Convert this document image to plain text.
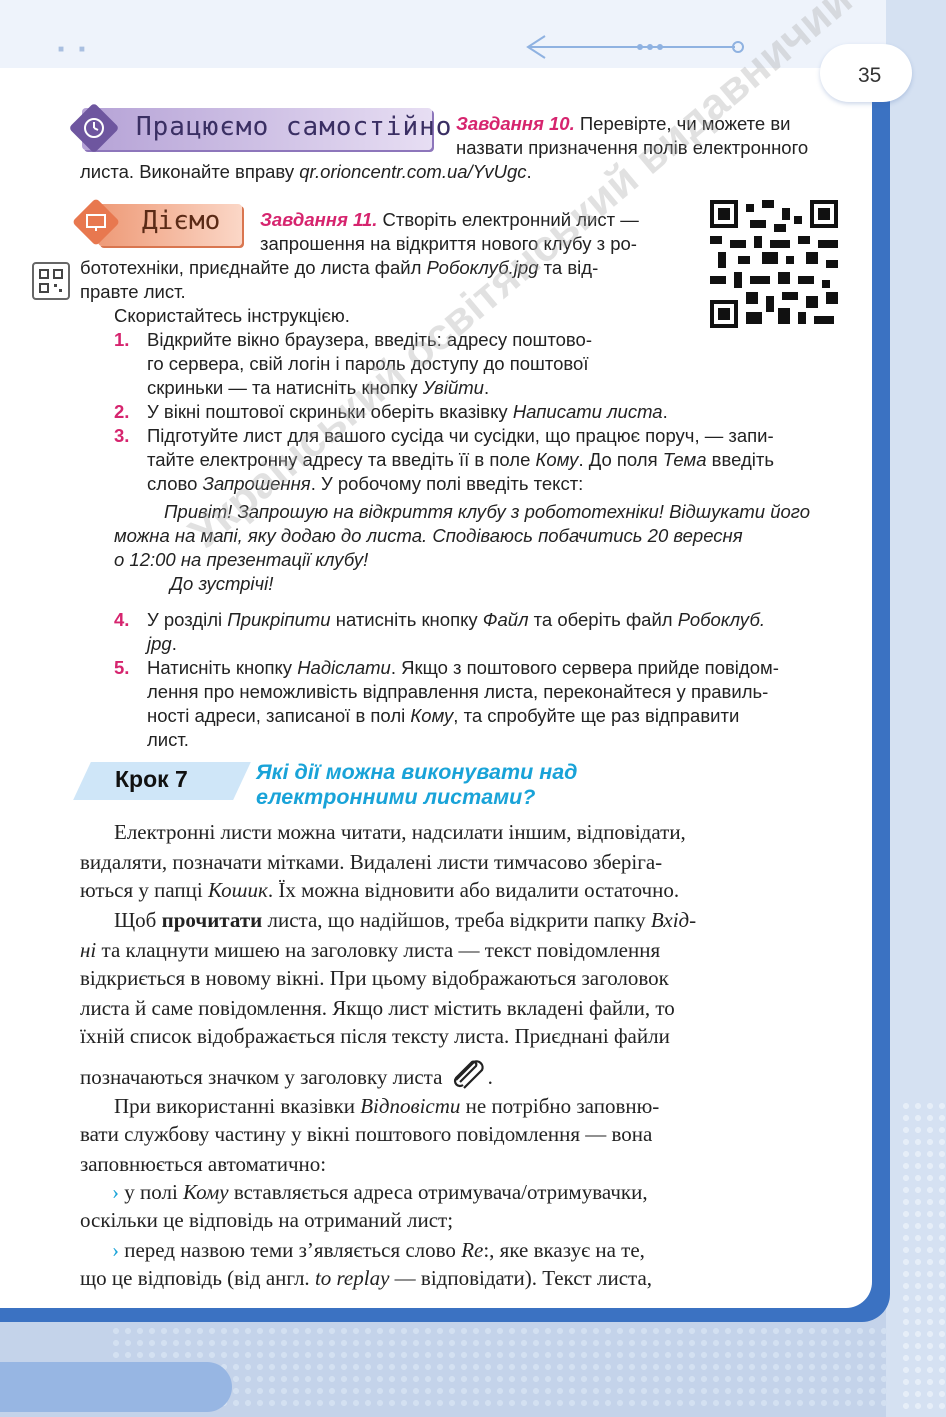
■ ■
35
Працюємо самостійно Завдання 10. Перевірте, чи можете ви
назвати призначення полів електронного
листа. Виконайте вправу qr.orioncentr.com.ua/YvUgc.
Діємо Завдання 11. Створіть електронний лист —
запрошення на відкриття нового клубу з ро-
бототехніки, приєднайте до листа файл Робоклуб.jpg та від-
правте лист.
Скористайтесь інструкцією.
1. Відкрийте вікно браузера, введіть: адресу поштово-
го сервера, свій логін і пароль доступу до поштової
скриньки — та натисніть кнопку Увійти.
2. У вікні поштової скриньки оберіть вказівку Написати листа.
3. Підготуйте лист для вашого сусіда чи сусідки, що працює поруч, — запи-
тайте електронну адресу та введіть її в поле Кому. До поля Тема введіть
слово Запрошення. У робочому полі введіть текст:
Привіт! Запрошую на відкриття клубу з робототехніки! Відшукати його
можна на мапі, яку додаю до листа. Сподіваюсь побачитись 20 вересня
о 12:00 на презентації клубу!
До зустрічі!
4. У розділі Прикріпити натисніть кнопку Файл та оберіть файл Робоклуб.
jpg.
5. Натисніть кнопку Надіслати. Якщо з поштового сервера прийде повідом-
лення про неможливість відправлення листа, переконайтеся у правиль-
ності адреси, записаної в полі Кому, та спробуйте ще раз відправити
лист.
Крок 7	Які дії можна виконувати над
електронними листами?
Електронні листи можна читати, надсилати іншим, відповідати,
видаляти, позначати мітками. Видалені листи тимчасово зберіга-
ються у папці Кошик. Їх можна відновити або видалити остаточно.
Щоб прочитати листа, що надійшов, треба відкрити папку Вхід-
ні та клацнути мишею на заголовку листа — текст повідомлення
відкриється в новому вікні. При цьому відображаються заголовок
листа й саме повідомлення. Якщо лист містить вкладені файли, то
їхній список відображається після тексту листа. Приєднані файли
позначаються значком у заголовку листа .
При використанні вказівки Відповісти не потрібно заповню-
вати службову частину у вікні поштового повідомлення — вона
заповнюється автоматично:
› у полі Кому вставляється адреса отримувача/отримувачки,
оскільки це відповідь на отриманий лист;
› перед назвою теми з’являється слово Re:, яке вказує на те,
що це відповідь (від англ. to replay — відповідати). Текст листа,
Український освітянський видавничий
